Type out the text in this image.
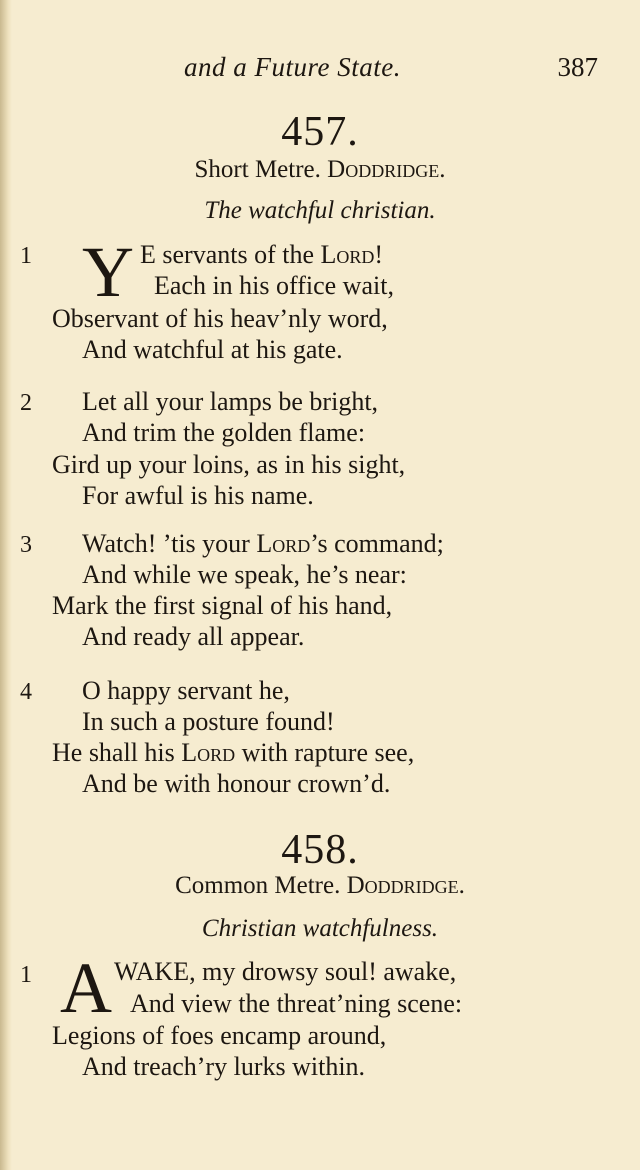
and a Future State.	387
457.
Short Metre. Doddridge.
The watchful christian.
1 Y E servants of the Lord!
Each in his office wait,
Observant of his heav’nly word,
And watchful at his gate.
2 Let all your lamps be bright,
And trim the golden flame:
Gird up your loins, as in his sight,
For awful is his name.
3 Watch! ’tis your Lord’s command;
And while we speak, he’s near:
Mark the first signal of his hand,
And ready all appear.
4 O happy servant he,
In such a posture found!
He shall his Lord with rapture see,
And be with honour crown’d.
458.
Common Metre. Doddridge.
Christian watchfulness.
1 A WAKE, my drowsy soul! awake,
And view the threat’ning scene:
Legions of foes encamp around,
And treach’ry lurks within.
